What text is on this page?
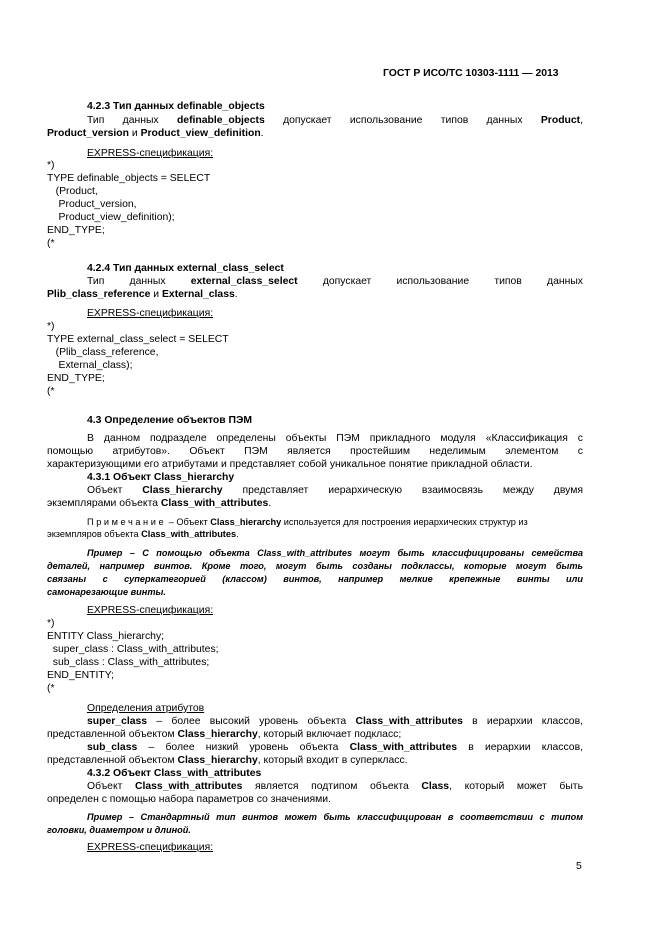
ГОСТ Р ИСО/ТС 10303-1111 — 2013
4.2.3 Тип данных definable_objects
Тип данных definable_objects допускает использование типов данных Product,
Product_version и Product_view_definition.
EXPRESS-спецификация:
*)
TYPE definable_objects = SELECT
(Product,
Product_version,
Product_view_definition);
END_TYPE;
(*
4.2.4 Тип данных external_class_select
Тип данных external_class_select допускает использование типов данных
Plib_class_reference и External_class.
EXPRESS-спецификация:
*)
TYPE external_class_select = SELECT
(Plib_class_reference,
External_class);
END_TYPE;
(*
4.3 Определение объектов ПЭМ
В данном подразделе определены объекты ПЭМ прикладного модуля «Классификация с
помощью атрибутов». Объект ПЭМ является простейшим неделимым элементом с
характеризующими его атрибутами и представляет собой уникальное понятие прикладной области.
4.3.1 Объект Class_hierarchy
Объект Class_hierarchy представляет иерархическую взаимосвязь между двумя
экземплярами объекта Class_with_attributes.
Примечание – Объект Class_hierarchy используется для построения иерархических структур из
экземпляров объекта Class_with_attributes.
Пример – С помощью объекта Class_with_attributes могут быть классифицированы семейства
деталей, например винтов. Кроме того, могут быть созданы подклассы, которые могут быть
связаны с суперкатегорией (классом) винтов, например мелкие крепежные винты или
самонарезающие винты.
EXPRESS-спецификация:
*)
ENTITY Class_hierarchy;
super_class : Class_with_attributes;
sub_class : Class_with_attributes;
END_ENTITY;
(*
Определения атрибутов
super_class – более высокий уровень объекта Class_with_attributes в иерархии классов,
представленной объектом Class_hierarchy, который включает подкласс;
sub_class – более низкий уровень объекта Class_with_attributes в иерархии классов,
представленной объектом Class_hierarchy, который входит в суперкласс.
4.3.2 Объект Class_with_attributes
Объект Class_with_attributes является подтипом объекта Class, который может быть
определен с помощью набора параметров со значениями.
Пример – Стандартный тип винтов может быть классифицирован в соответствии с типом
головки, диаметром и длиной.
EXPRESS-спецификация:
5
